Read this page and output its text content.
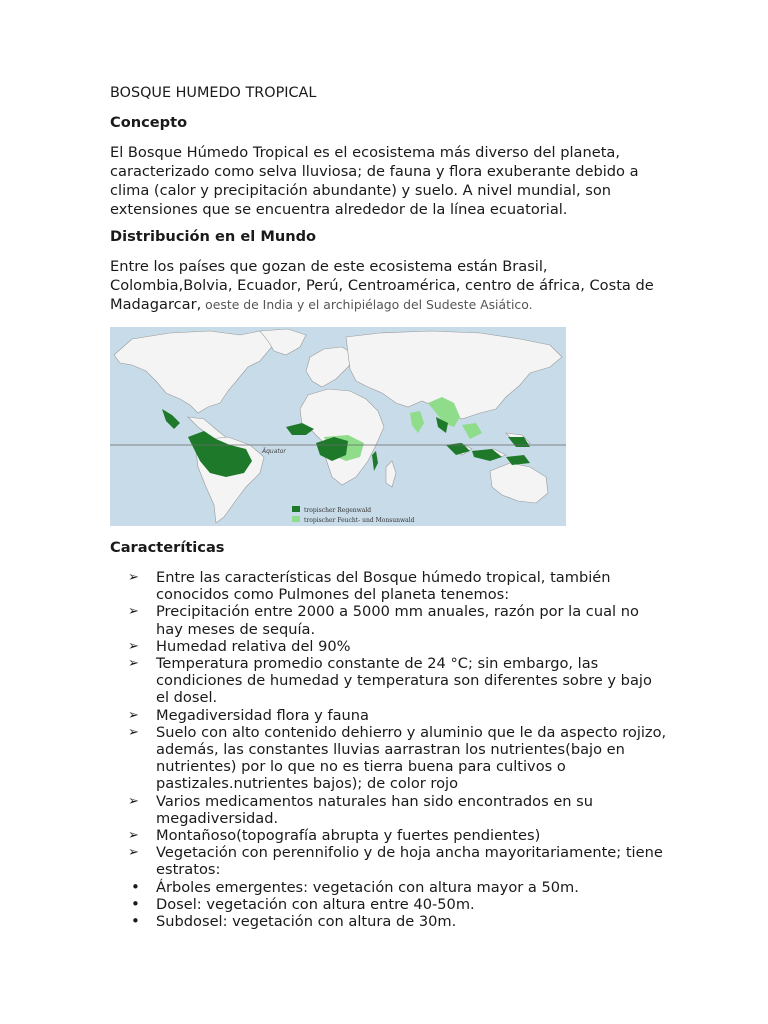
BOSQUE HUMEDO TROPICAL
Concepto

El Bosque Húmedo Tropical es el ecosistema más diverso del planeta, caracterizado como selva lluviosa; de fauna y flora exuberante debido a clima (calor y precipitación abundante) y suelo. A nivel mundial, son extensiones que se encuentra alrededor de la línea ecuatorial.

Distribución en el Mundo

Entre los países que gozan de este ecosistema están Brasil, Colombia,Bolvia, Ecuador, Perú, Centroamérica, centro de áfrica, Costa de Madagarcar, oeste de India y el archipiélago del Sudeste Asiático.

Äquator
tropischer Regenwald
tropischer Feucht- und Monsunwald
Caracteríticas
➢	Entre las características del Bosque húmedo tropical, también conocidos como Pulmones del planeta tenemos:
➢	Precipitación entre 2000 a 5000 mm anuales, razón por la cual no hay meses de sequía.
➢	Humedad relativa del 90%
➢	Temperatura promedio constante de 24 °C; sin embargo, las condiciones de humedad y temperatura son diferentes sobre y bajo el dosel.
➢	Megadiversidad flora y fauna
➢	Suelo con alto contenido dehierro y aluminio que le da aspecto rojizo, además, las constantes lluvias aarrastran los nutrientes(bajo en nutrientes) por lo que no es tierra buena para cultivos o pastizales.nutrientes bajos); de color rojo
➢	Varios medicamentos naturales han sido encontrados en su megadiversidad.
➢	Montañoso(topografía abrupta y fuertes pendientes)
➢	Vegetación con perennifolio y de hoja ancha mayoritariamente; tiene estratos:
•	Árboles emergentes: vegetación con altura mayor a 50m.
•	Dosel: vegetación con altura entre 40-50m.
•	Subdosel: vegetación con altura de 30m.
